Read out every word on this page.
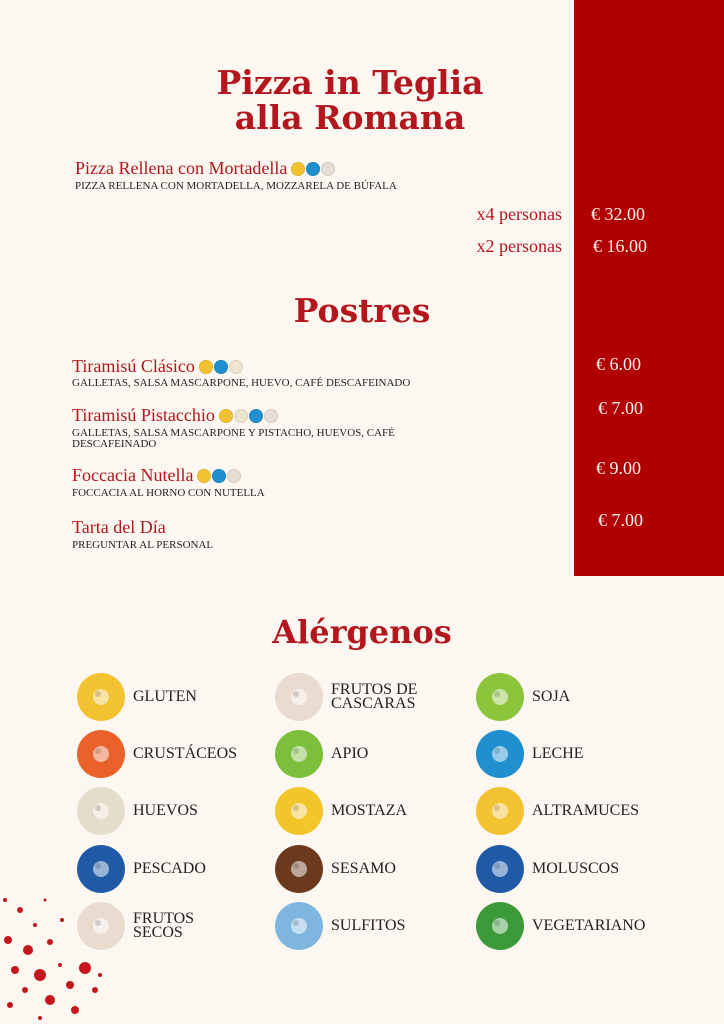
Pizza in Teglia
alla Romana
Pizza Rellena con Mortadella
PIZZA RELLENA CON MORTADELLA, MOZZARELA DE BÚFALA
x4 personas € 32.00
x2 personas € 16.00
Postres
Tiramisú Clásico
GALLETAS, SALSA MASCARPONE, HUEVO, CAFÉ DESCAFEINADO
€ 6.00
Tiramisú Pistacchio
GALLETAS, SALSA MASCARPONE Y PISTACHO, HUEVOS, CAFÉ DESCAFEINADO
€ 7.00
Foccacia Nutella
FOCCACIA AL HORNO CON NUTELLA
€ 9.00
Tarta del Día
PREGUNTAR AL PERSONAL
€ 7.00
Alérgenos
GLUTEN
CRUSTÁCEOS
HUEVOS
PESCADO
FRUTOS SECOS
FRUTOS DE CASCARAS
APIO
MOSTAZA
SESAMO
SULFITOS
SOJA
LECHE
ALTRAMUCES
MOLUSCOS
VEGETARIANO
